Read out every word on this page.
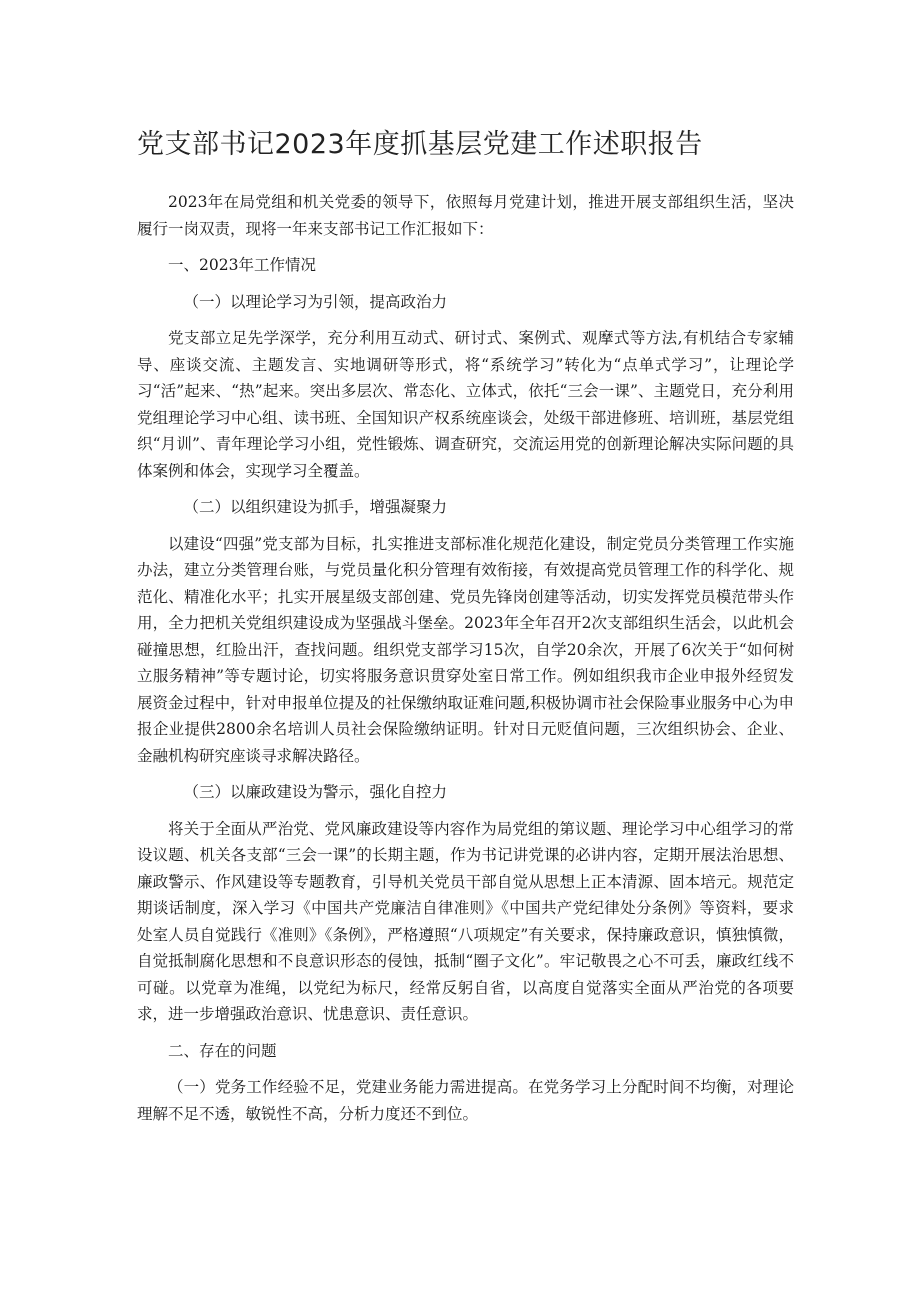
党支部书记2023年度抓基层党建工作述职报告

2023年在局党组和机关党委的领导下，依照每月党建计划，推进开展支部组织生活，坚决履行一岗双责，现将一年来支部书记工作汇报如下：

一、2023年工作情况

（一）以理论学习为引领，提高政治力

党支部立足先学深学，充分利用互动式、研讨式、案例式、观摩式等方法,有机结合专家辅导、座谈交流、主题发言、实地调研等形式，将“系统学习”转化为“点单式学习”，让理论学习“活”起来、“热”起来。突出多层次、常态化、立体式，依托“三会一课”、主题党日，充分利用党组理论学习中心组、读书班、全国知识产权系统座谈会，处级干部进修班、培训班，基层党组织“月训”、青年理论学习小组，党性锻炼、调查研究，交流运用党的创新理论解决实际问题的具体案例和体会，实现学习全覆盖。

（二）以组织建设为抓手，增强凝聚力

以建设“四强”党支部为目标，扎实推进支部标准化规范化建设，制定党员分类管理工作实施办法，建立分类管理台账，与党员量化积分管理有效衔接，有效提高党员管理工作的科学化、规范化、精准化水平；扎实开展星级支部创建、党员先锋岗创建等活动，切实发挥党员模范带头作用，全力把机关党组织建设成为坚强战斗堡垒。2023年全年召开2次支部组织生活会，以此机会碰撞思想，红脸出汗，查找问题。组织党支部学习15次，自学20余次，开展了6次关于“如何树立服务精神”等专题讨论，切实将服务意识贯穿处室日常工作。例如组织我市企业申报外经贸发展资金过程中，针对申报单位提及的社保缴纳取证难问题,积极协调市社会保险事业服务中心为申报企业提供2800余名培训人员社会保险缴纳证明。针对日元贬值问题，三次组织协会、企业、金融机构研究座谈寻求解决路径。

（三）以廉政建设为警示，强化自控力

将关于全面从严治党、党风廉政建设等内容作为局党组的第议题、理论学习中心组学习的常设议题、机关各支部“三会一课”的长期主题，作为书记讲党课的必讲内容，定期开展法治思想、廉政警示、作风建设等专题教育，引导机关党员干部自觉从思想上正本清源、固本培元。规范定期谈话制度，深入学习《中国共产党廉洁自律准则》《中国共产党纪律处分条例》等资料，要求处室人员自觉践行《准则》《条例》，严格遵照“八项规定”有关要求，保持廉政意识，慎独慎微，自觉抵制腐化思想和不良意识形态的侵蚀，抵制“圈子文化”。牢记敬畏之心不可丢，廉政红线不可碰。以党章为准绳，以党纪为标尺，经常反躬自省，以高度自觉落实全面从严治党的各项要求，进一步增强政治意识、忧患意识、责任意识。

二、存在的问题

（一）党务工作经验不足，党建业务能力需进提高。在党务学习上分配时间不均衡，对理论理解不足不透，敏锐性不高，分析力度还不到位。
